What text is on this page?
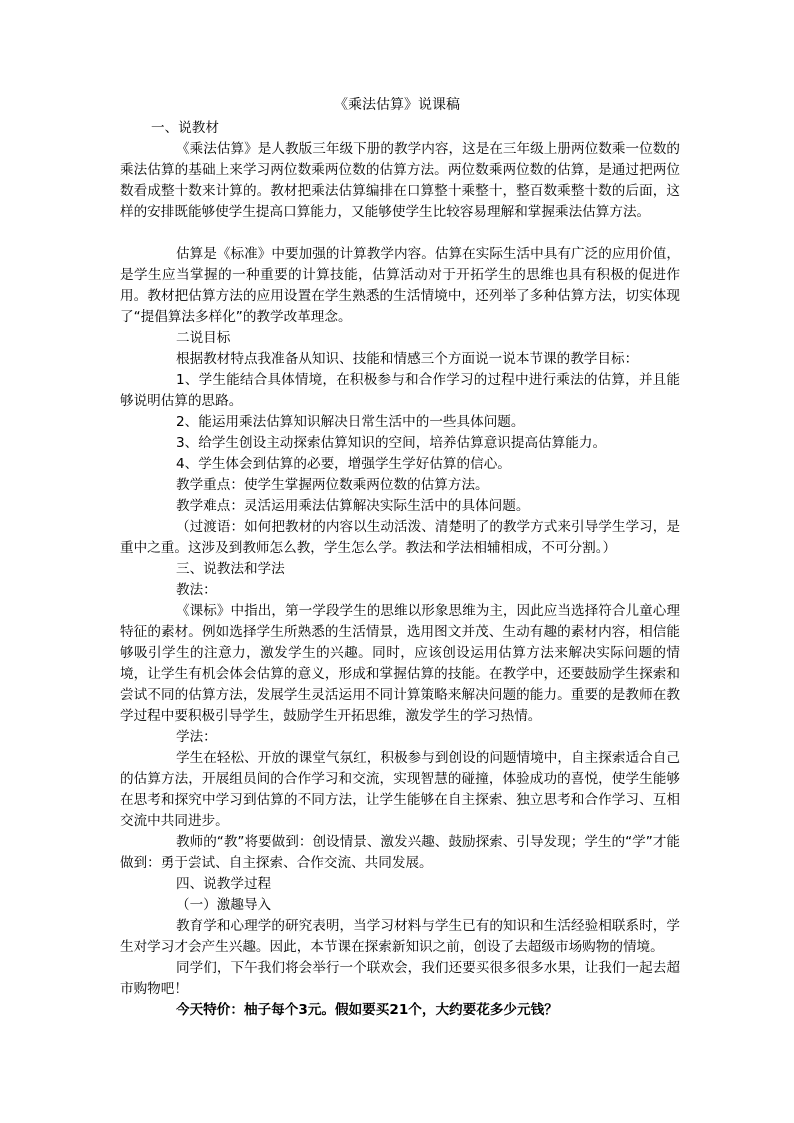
《乘法估算》说课稿
一、说教材
《乘法估算》是人教版三年级下册的教学内容，这是在三年级上册两位数乘一位数的乘法估算的基础上来学习两位数乘两位数的估算方法。两位数乘两位数的估算，是通过把两位数看成整十数来计算的。教材把乘法估算编排在口算整十乘整十，整百数乘整十数的后面，这样的安排既能够使学生提高口算能力，又能够使学生比较容易理解和掌握乘法估算方法。
估算是《标准》中要加强的计算教学内容。估算在实际生活中具有广泛的应用价值，是学生应当掌握的一种重要的计算技能，估算活动对于开拓学生的思维也具有积极的促进作用。教材把估算方法的应用设置在学生熟悉的生活情境中，还列举了多种估算方法，切实体现了“提倡算法多样化”的教学改革理念。
二说目标
根据教材特点我准备从知识、技能和情感三个方面说一说本节课的教学目标：
1、学生能结合具体情境，在积极参与和合作学习的过程中进行乘法的估算，并且能够说明估算的思路。
2、能运用乘法估算知识解决日常生活中的一些具体问题。
3、给学生创设主动探索估算知识的空间，培养估算意识提高估算能力。
4、学生体会到估算的必要，增强学生学好估算的信心。
教学重点：使学生掌握两位数乘两位数的估算方法。
教学难点：灵活运用乘法估算解决实际生活中的具体问题。
（过渡语：如何把教材的内容以生动活泼、清楚明了的教学方式来引导学生学习，是重中之重。这涉及到教师怎么教，学生怎么学。教法和学法相辅相成，不可分割。）
三、说教法和学法
教法：
《课标》中指出，第一学段学生的思维以形象思维为主，因此应当选择符合儿童心理特征的素材。例如选择学生所熟悉的生活情景，选用图文并茂、生动有趣的素材内容，相信能够吸引学生的注意力，激发学生的兴趣。同时，应该创设运用估算方法来解决实际问题的情境，让学生有机会体会估算的意义，形成和掌握估算的技能。在教学中，还要鼓励学生探索和尝试不同的估算方法，发展学生灵活运用不同计算策略来解决问题的能力。重要的是教师在教学过程中要积极引导学生，鼓励学生开拓思维，激发学生的学习热情。
学法：
学生在轻松、开放的课堂气氛红，积极参与到创设的问题情境中，自主探索适合自己的估算方法，开展组员间的合作学习和交流，实现智慧的碰撞，体验成功的喜悦，使学生能够在思考和探究中学习到估算的不同方法，让学生能够在自主探索、独立思考和合作学习、互相交流中共同进步。
教师的“教”将要做到：创设情景、激发兴趣、鼓励探索、引导发现；学生的“学”才能做到：勇于尝试、自主探索、合作交流、共同发展。
四、说教学过程
（一）激趣导入
教育学和心理学的研究表明，当学习材料与学生已有的知识和生活经验相联系时，学生对学习才会产生兴趣。因此，本节课在探索新知识之前，创设了去超级市场购物的情境。
同学们，下午我们将会举行一个联欢会，我们还要买很多很多水果，让我们一起去超市购物吧！
今天特价：柚子每个3元。假如要买21个，大约要花多少元钱？
